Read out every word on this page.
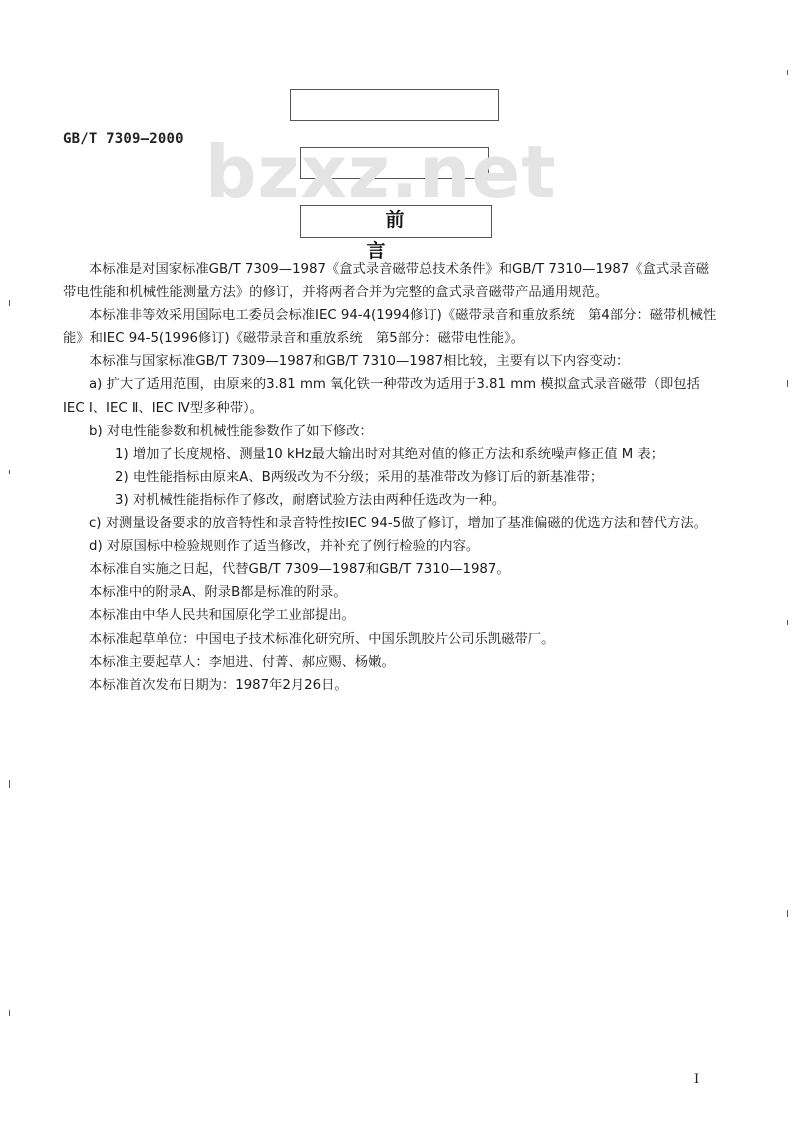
bzxz.net
GB/T 7309—2000
前　言

本标准是对国家标准GB/T 7309—1987《盒式录音磁带总技术条件》和GB/T 7310—1987《盒式录音磁带电性能和机械性能测量方法》的修订，并将两者合并为完整的盒式录音磁带产品通用规范。

本标准非等效采用国际电工委员会标准IEC 94-4(1994修订)《磁带录音和重放系统　第4部分：磁带机械性能》和IEC 94-5(1996修订)《磁带录音和重放系统　第5部分：磁带电性能》。

本标准与国家标准GB/T 7309—1987和GB/T 7310—1987相比较，主要有以下内容变动：

a) 扩大了适用范围，由原来的3.81 mm 氧化铁一种带改为适用于3.81 mm 模拟盒式录音磁带（即包括IEC Ⅰ、IEC Ⅱ、IEC Ⅳ型多种带）。

b) 对电性能参数和机械性能参数作了如下修改：

1) 增加了长度规格、测量10 kHz最大输出时对其绝对值的修正方法和系统噪声修正值 M 表；

2) 电性能指标由原来A、B两级改为不分级；采用的基准带改为修订后的新基准带；

3) 对机械性能指标作了修改，耐磨试验方法由两种任选改为一种。

c) 对测量设备要求的放音特性和录音特性按IEC 94-5做了修订，增加了基准偏磁的优选方法和替代方法。

d) 对原国标中检验规则作了适当修改，并补充了例行检验的内容。

本标准自实施之日起，代替GB/T 7309—1987和GB/T 7310—1987。

本标准中的附录A、附录B都是标准的附录。

本标准由中华人民共和国原化学工业部提出。

本标准起草单位：中国电子技术标准化研究所、中国乐凯胶片公司乐凯磁带厂。

本标准主要起草人：李旭进、付菁、郝应赐、杨嫩。

本标准首次发布日期为：1987年2月26日。

I
